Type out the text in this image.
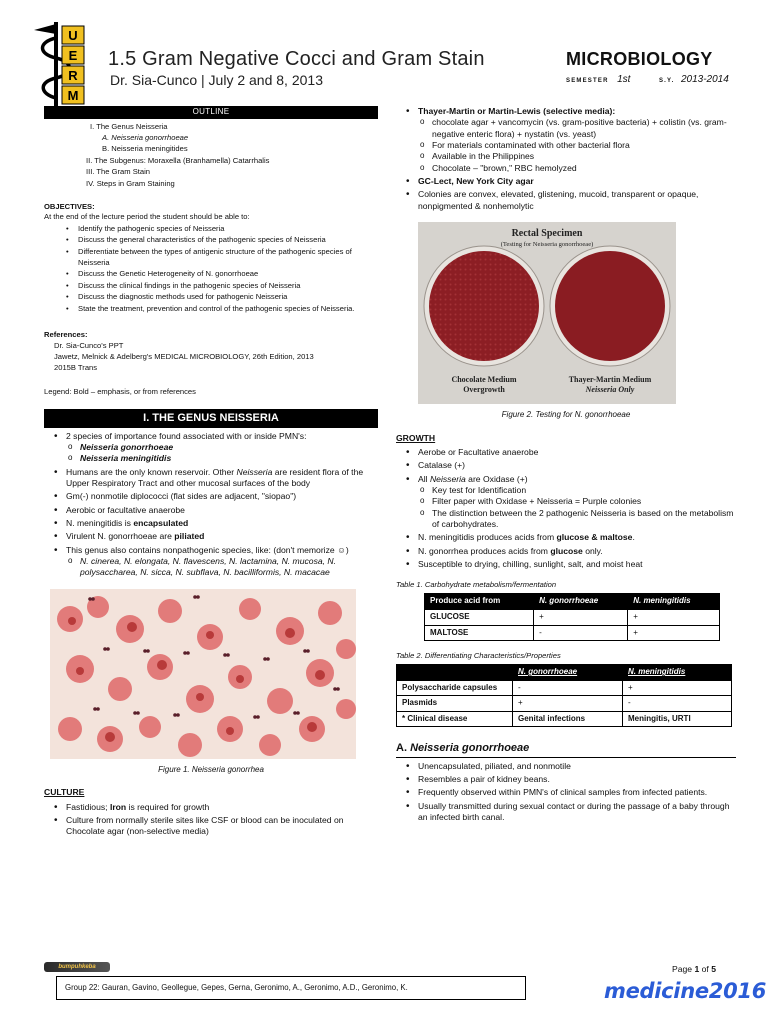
U
E
R
M
1.5 Gram Negative Cocci and Gram Stain
Dr. Sia-Cunco | July 2 and 8, 2013
MICROBIOLOGY
SEMESTER 1st	S.Y. 2013-2014
OUTLINE
I. The Genus Neisseria
A. Neisseria gonorrhoeae
B. Neisseria meningitides
II. The Subgenus: Moraxella (Branhamella) Catarrhalis
III. The Gram Stain
IV. Steps in Gram Staining
OBJECTIVES:
At the end of the lecture period the student should be able to:
• Identify the pathogenic species of Neisseria
• Discuss the general characteristics of the pathogenic species of Neisseria
• Differentiate between the types of antigenic structure of the pathogenic species of Neisseria
• Discuss the Genetic Heterogeneity of N. gonorrhoeae
• Discuss the clinical findings in the pathogenic species of Neisseria
• Discuss the diagnostic methods used for pathogenic Neisseria
• State the treatment, prevention and control of the pathogenic species of Neisseria.
References:
Dr. Sia-Cunco's PPT
Jawetz, Melnick & Adelberg's MEDICAL MICROBIOLOGY, 26th Edition, 2013
2015B Trans
Legend: Bold – emphasis, or from references
I. THE GENUS NEISSERIA
• 2 species of importance found associated with or inside PMN's:
o Neisseria gonorrhoeae
o Neisseria meningitidis
• Humans are the only known reservoir. Other Neisseria are resident flora of the Upper Respiratory Tract and other mucosal surfaces of the body
• Gm(-) nonmotile diplococci (flat sides are adjacent, "siopao")
• Aerobic or facultative anaerobe
• N. meningitidis is encapsulated
• Virulent N. gonorrhoeae are piliated
• This genus also contains nonpathogenic species, like: (don't memorize ☺)
o N. cinerea, N. elongata, N. flavescens, N. lactamina, N. mucosa, N. polysaccharea, N. sicca, N. subflava, N. bacilliformis, N. macacae
Figure 1. Neisseria gonorrhea
CULTURE
• Fastidious; Iron is required for growth
• Culture from normally sterile sites like CSF or blood can be inoculated on Chocolate agar (non-selective media)
• Thayer-Martin or Martin-Lewis (selective media):
o chocolate agar + vancomycin (vs. gram-positive bacteria) + colistin (vs. gram-negative enteric flora) + nystatin (vs. yeast)
o For materials contaminated with other bacterial flora
o Available in the Philippines
o Chocolate – "brown," RBC hemolyzed
• GC-Lect, New York City agar
• Colonies are convex, elevated, glistening, mucoid, transparent or opaque, nonpigmented & nonhemolytic
Rectal Specimen
(Testing for Neisseria gonorrhoeae)
Chocolate Medium
Overgrowth
Thayer-Martin Medium
Neisseria Only
Figure 2. Testing for N. gonorrhoeae
GROWTH
• Aerobe or Facultative anaerobe
• Catalase (+)
• All Neisseria are Oxidase (+)
o Key test for Identification
o Filter paper with Oxidase + Neisseria = Purple colonies
o The distinction between the 2 pathogenic Neisseria is based on the metabolism of carbohydrates.
• N. meningitidis produces acids from glucose & maltose.
• N. gonorrhea produces acids from glucose only.
• Susceptible to drying, chilling, sunlight, salt, and moist heat
Table 1. Carbohydrate metabolism/fermentation
Produce acid from	N. gonorrhoeae	N. meningitidis
GLUCOSE	+	+
MALTOSE	-	+
Table 2. Differentiating Characteristics/Properties
	N. gonorrhoeae	N. meningitidis
Polysaccharide capsules	-	+
Plasmids	+	-
* Clinical disease	Genital infections	Meningitis, URTI
A. Neisseria gonorrhoeae
• Unencapsulated, piliated, and nonmotile
• Resembles a pair of kidney beans.
• Frequently observed within PMN's of clinical samples from infected patients.
• Usually transmitted during sexual contact or during the passage of a baby through an infected birth canal.
bumpuhkeba	Page 1 of 5
Group 22: Gauran, Gavino, Geollegue, Gepes, Gerna, Geronimo, A., Geronimo, A.D., Geronimo, K.	medicine2016
